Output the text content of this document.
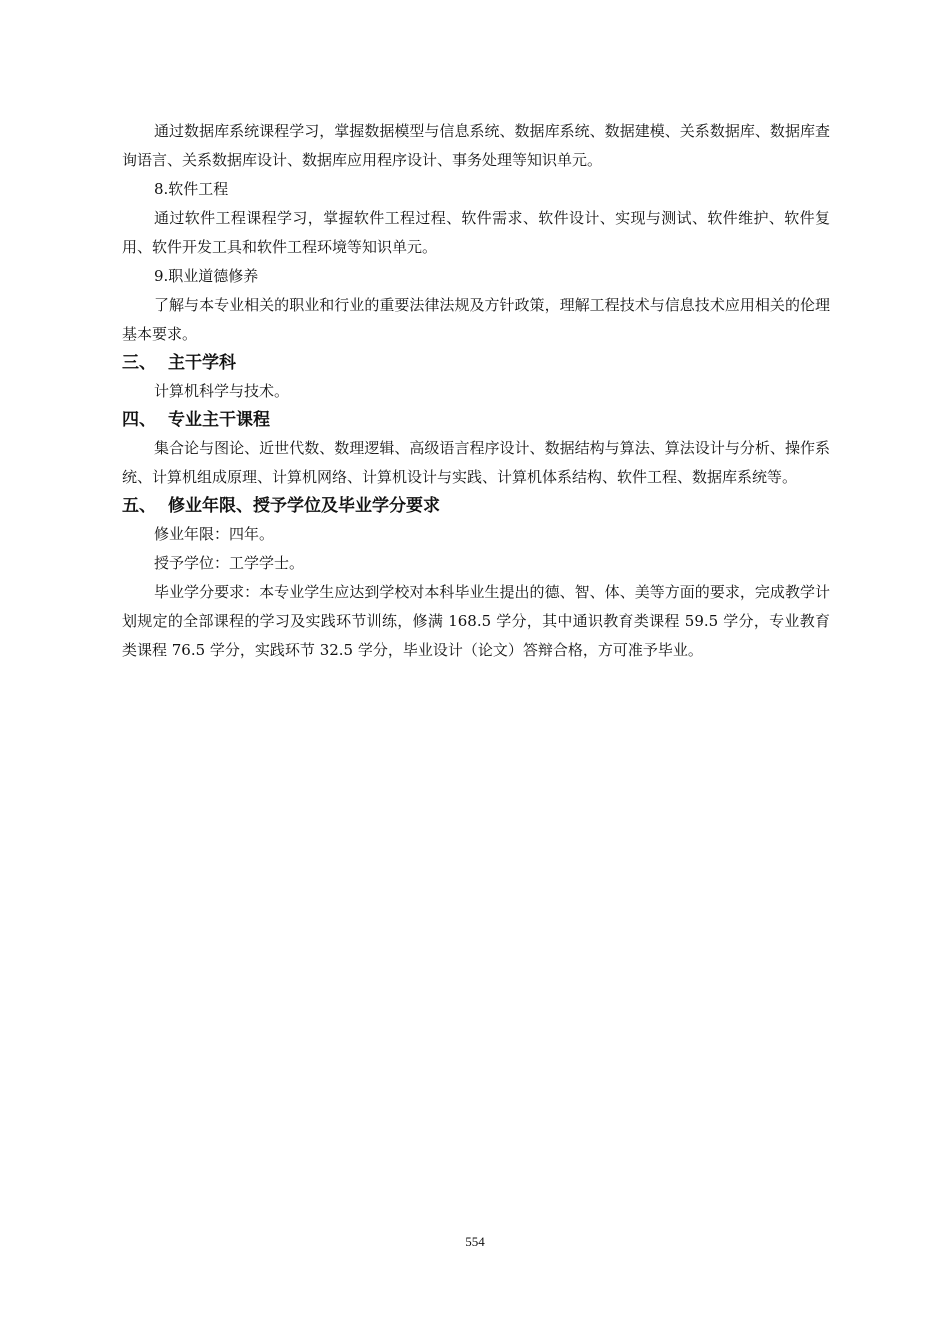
通过数据库系统课程学习，掌握数据模型与信息系统、数据库系统、数据建模、关系数据库、数据库查询语言、关系数据库设计、数据库应用程序设计、事务处理等知识单元。

8.软件工程

通过软件工程课程学习，掌握软件工程过程、软件需求、软件设计、实现与测试、软件维护、软件复用、软件开发工具和软件工程环境等知识单元。

9.职业道德修养

了解与本专业相关的职业和行业的重要法律法规及方针政策，理解工程技术与信息技术应用相关的伦理基本要求。

三、 主干学科

计算机科学与技术。

四、 专业主干课程

集合论与图论、近世代数、数理逻辑、高级语言程序设计、数据结构与算法、算法设计与分析、操作系统、计算机组成原理、计算机网络、计算机设计与实践、计算机体系结构、软件工程、数据库系统等。

五、 修业年限、授予学位及毕业学分要求

修业年限：四年。

授予学位：工学学士。

毕业学分要求：本专业学生应达到学校对本科毕业生提出的德、智、体、美等方面的要求，完成教学计划规定的全部课程的学习及实践环节训练，修满 168.5 学分，其中通识教育类课程 59.5 学分，专业教育类课程 76.5 学分，实践环节 32.5 学分，毕业设计（论文）答辩合格，方可准予毕业。

554
